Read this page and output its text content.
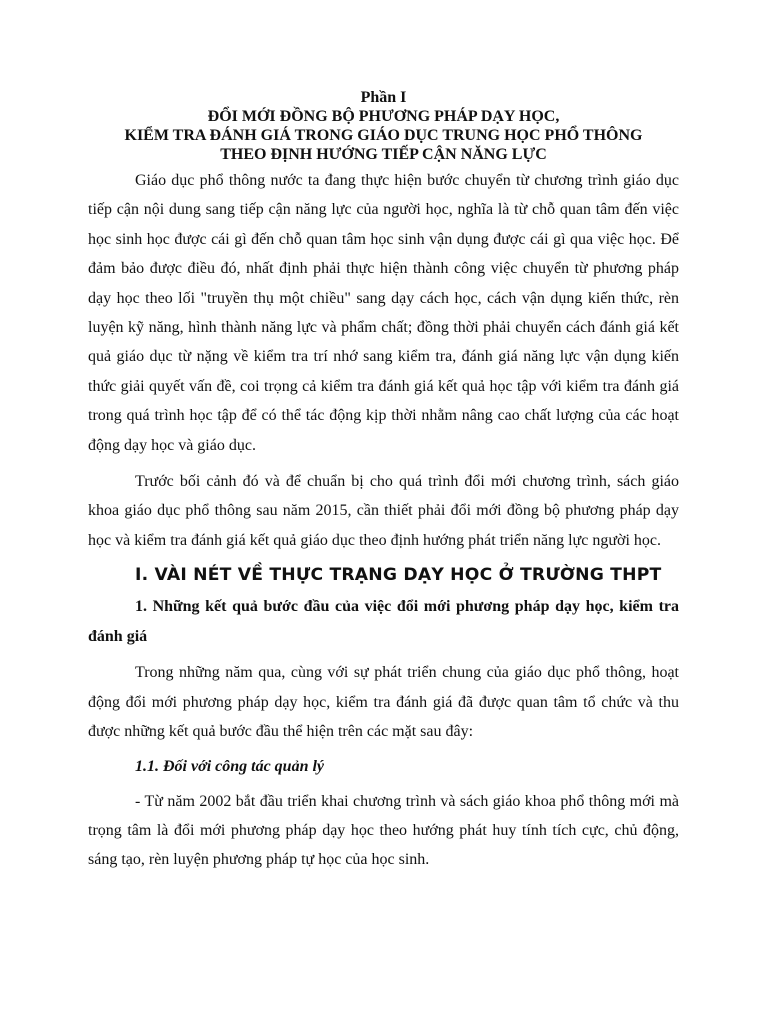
Phần I
ĐỔI MỚI ĐỒNG BỘ PHƯƠNG PHÁP DẠY HỌC,
KIỂM TRA ĐÁNH GIÁ TRONG GIÁO DỤC TRUNG HỌC PHỔ THÔNG
THEO ĐỊNH HƯỚNG TIẾP CẬN NĂNG LỰC

Giáo dục phổ thông nước ta đang thực hiện bước chuyển từ chương trình giáo dục tiếp cận nội dung sang tiếp cận năng lực của người học, nghĩa là từ chỗ quan tâm đến việc học sinh học được cái gì đến chỗ quan tâm học sinh vận dụng được cái gì qua việc học. Để đảm bảo được điều đó, nhất định phải thực hiện thành công việc chuyển từ phương pháp dạy học theo lối "truyền thụ một chiều" sang dạy cách học, cách vận dụng kiến thức, rèn luyện kỹ năng, hình thành năng lực và phẩm chất; đồng thời phải chuyển cách đánh giá kết quả giáo dục từ nặng về kiểm tra trí nhớ sang kiểm tra, đánh giá năng lực vận dụng kiến thức giải quyết vấn đề, coi trọng cả kiểm tra đánh giá kết quả học tập với kiểm tra đánh giá trong quá trình học tập để có thể tác động kịp thời nhằm nâng cao chất lượng của các hoạt động dạy học và giáo dục.

Trước bối cảnh đó và để chuẩn bị cho quá trình đổi mới chương trình, sách giáo khoa giáo dục phổ thông sau năm 2015, cần thiết phải đổi mới đồng bộ phương pháp dạy học và kiểm tra đánh giá kết quả giáo dục theo định hướng phát triển năng lực người học.

I. VÀI NÉT VỀ THỰC TRẠNG DẠY HỌC Ở TRƯỜNG THPT
1. Những kết quả bước đầu của việc đổi mới phương pháp dạy học, kiểm tra đánh giá

Trong những năm qua, cùng với sự phát triển chung của giáo dục phổ thông, hoạt động đổi mới phương pháp dạy học, kiểm tra đánh giá đã được quan tâm tổ chức và thu được những kết quả bước đầu thể hiện trên các mặt sau đây:

1.1. Đối với công tác quản lý

- Từ năm 2002 bắt đầu triển khai chương trình và sách giáo khoa phổ thông mới mà trọng tâm là đổi mới phương pháp dạy học theo hướng phát huy tính tích cực, chủ động, sáng tạo, rèn luyện phương pháp tự học của học sinh.
